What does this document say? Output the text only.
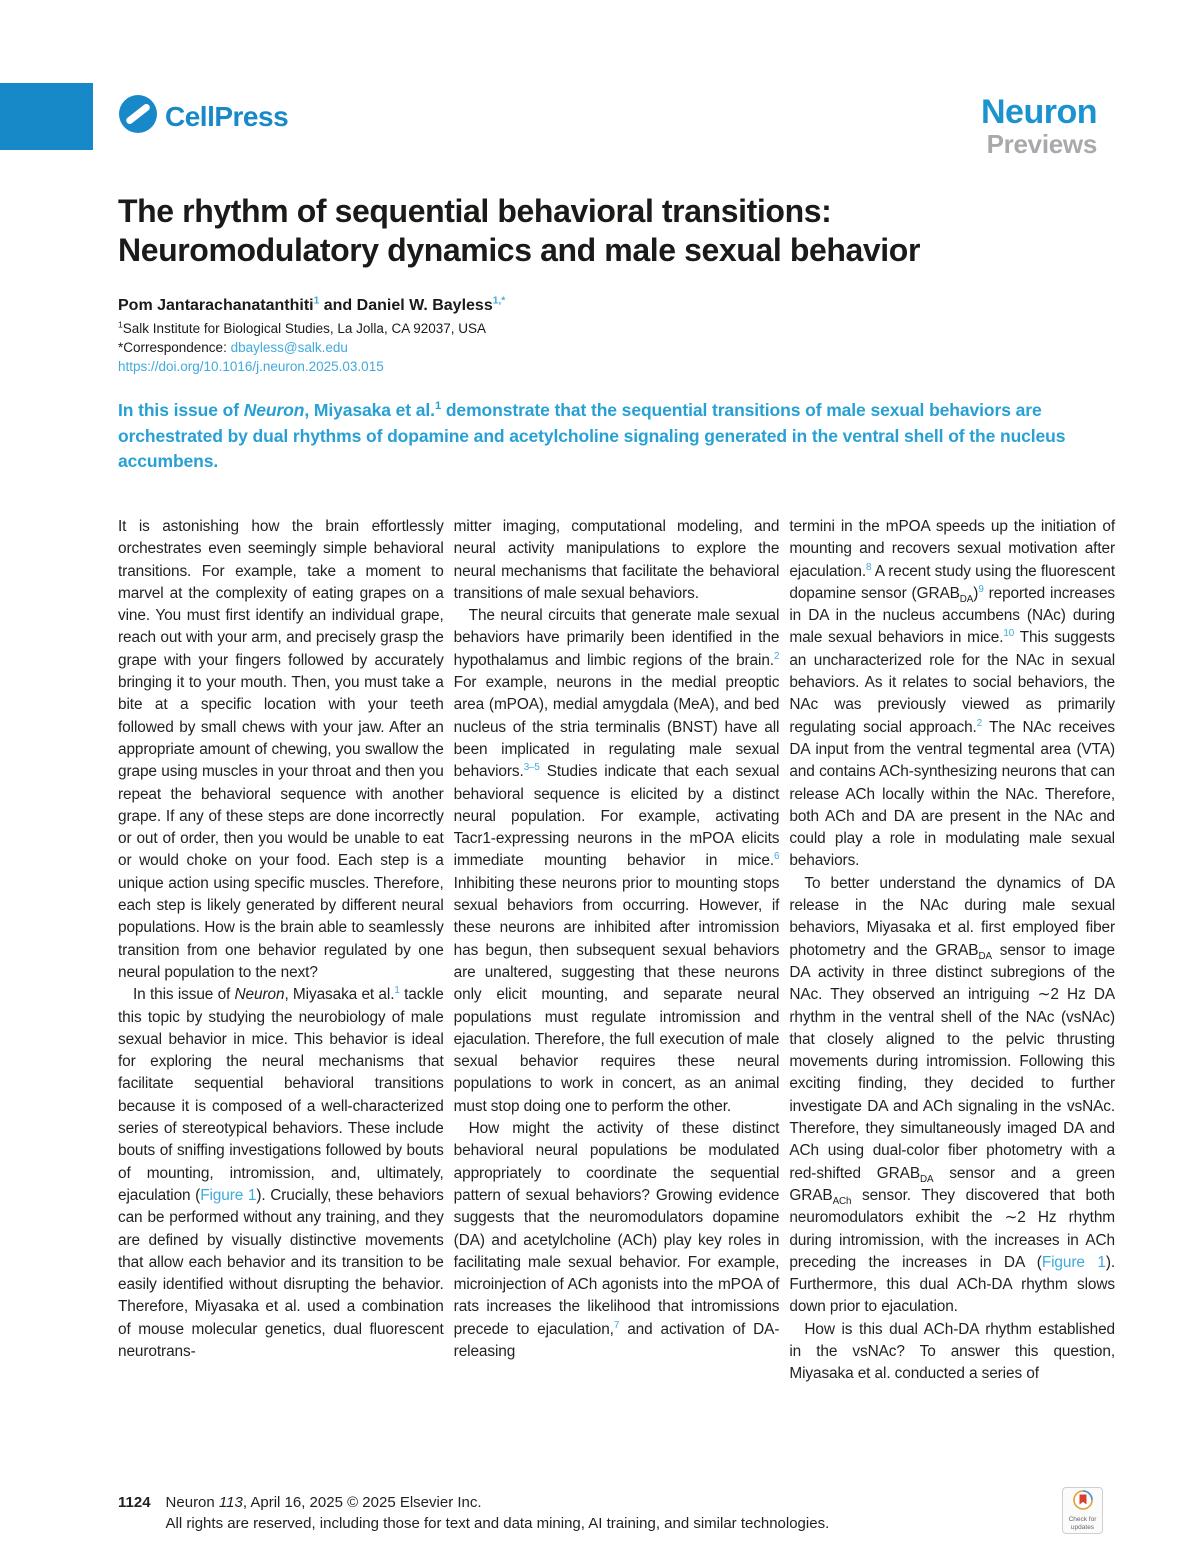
CellPress	Neuron
Previews
The rhythm of sequential behavioral transitions:
Neuromodulatory dynamics and male sexual behavior
Pom Jantarachanatanthiti$^1$ and Daniel W. Bayless$^{1,*}$
$^1$Salk Institute for Biological Studies, La Jolla, CA 92037, USA
*Correspondence: dbayless@salk.edu
https://doi.org/10.1016/j.neuron.2025.03.015
In this issue of Neuron, Miyasaka et al.$^1$ demonstrate that the sequential transitions of male sexual behaviors are orchestrated by dual rhythms of dopamine and acetylcholine signaling generated in the ventral shell of the nucleus accumbens.

It is astonishing how the brain effortlessly orchestrates even seemingly simple behavioral transitions. For example, take a moment to marvel at the complexity of eating grapes on a vine. You must first identify an individual grape, reach out with your arm, and precisely grasp the grape with your fingers followed by accurately bringing it to your mouth. Then, you must take a bite at a specific location with your teeth followed by small chews with your jaw. After an appropriate amount of chewing, you swallow the grape using muscles in your throat and then you repeat the behavioral sequence with another grape. If any of these steps are done incorrectly or out of order, then you would be unable to eat or would choke on your food. Each step is a unique action using specific muscles. Therefore, each step is likely generated by different neural populations. How is the brain able to seamlessly transition from one behavior regulated by one neural population to the next?

In this issue of Neuron, Miyasaka et al.$^1$ tackle this topic by studying the neurobiology of male sexual behavior in mice. This behavior is ideal for exploring the neural mechanisms that facilitate sequential behavioral transitions because it is composed of a well-characterized series of stereotypical behaviors. These include bouts of sniffing investigations followed by bouts of mounting, intromission, and, ultimately, ejaculation (Figure 1). Crucially, these behaviors can be performed without any training, and they are defined by visually distinctive movements that allow each behavior and its transition to be easily identified without disrupting the behavior. Therefore, Miyasaka et al. used a combination of mouse molecular genetics, dual fluorescent neurotrans-

mitter imaging, computational modeling, and neural activity manipulations to explore the neural mechanisms that facilitate the behavioral transitions of male sexual behaviors.

The neural circuits that generate male sexual behaviors have primarily been identified in the hypothalamus and limbic regions of the brain.$^2$ For example, neurons in the medial preoptic area (mPOA), medial amygdala (MeA), and bed nucleus of the stria terminalis (BNST) have all been implicated in regulating male sexual behaviors.$^{3-5}$ Studies indicate that each sexual behavioral sequence is elicited by a distinct neural population. For example, activating Tacr1-expressing neurons in the mPOA elicits immediate mounting behavior in mice.$^6$ Inhibiting these neurons prior to mounting stops sexual behaviors from occurring. However, if these neurons are inhibited after intromission has begun, then subsequent sexual behaviors are unaltered, suggesting that these neurons only elicit mounting, and separate neural populations must regulate intromission and ejaculation. Therefore, the full execution of male sexual behavior requires these neural populations to work in concert, as an animal must stop doing one to perform the other.

How might the activity of these distinct behavioral neural populations be modulated appropriately to coordinate the sequential pattern of sexual behaviors? Growing evidence suggests that the neuromodulators dopamine (DA) and acetylcholine (ACh) play key roles in facilitating male sexual behavior. For example, microinjection of ACh agonists into the mPOA of rats increases the likelihood that intromissions precede to ejaculation,$^7$ and activation of DA-releasing

termini in the mPOA speeds up the initiation of mounting and recovers sexual motivation after ejaculation.$^8$ A recent study using the fluorescent dopamine sensor $(GRAB_{DA})^9$ reported increases in DA in the nucleus accumbens (NAc) during male sexual behaviors in mice.$^{10}$ This suggests an uncharacterized role for the NAc in sexual behaviors. As it relates to social behaviors, the NAc was previously viewed as primarily regulating social approach.$^2$ The NAc receives DA input from the ventral tegmental area (VTA) and contains ACh-synthesizing neurons that can release ACh locally within the NAc. Therefore, both ACh and DA are present in the NAc and could play a role in modulating male sexual behaviors.

To better understand the dynamics of DA release in the NAc during male sexual behaviors, Miyasaka et al. first employed fiber photometry and the $GRAB_{DA}$ sensor to image DA activity in three distinct subregions of the NAc. They observed an intriguing ∼2 Hz DA rhythm in the ventral shell of the NAc (vsNAc) that closely aligned to the pelvic thrusting movements during intromission. Following this exciting finding, they decided to further investigate DA and ACh signaling in the vsNAc. Therefore, they simultaneously imaged DA and ACh using dual-color fiber photometry with a red-shifted $GRAB_{DA}$ sensor and a green $GRAB_{ACh}$ sensor. They discovered that both neuromodulators exhibit the ∼2 Hz rhythm during intromission, with the increases in ACh preceding the increases in DA (Figure 1). Furthermore, this dual ACh-DA rhythm slows down prior to ejaculation.

How is this dual ACh-DA rhythm established in the vsNAc? To answer this question, Miyasaka et al. conducted a series of

1124 Neuron 113, April 16, 2025 © 2025 Elsevier Inc.
All rights are reserved, including those for text and data mining, AI training, and similar technologies.	Check for
updates
